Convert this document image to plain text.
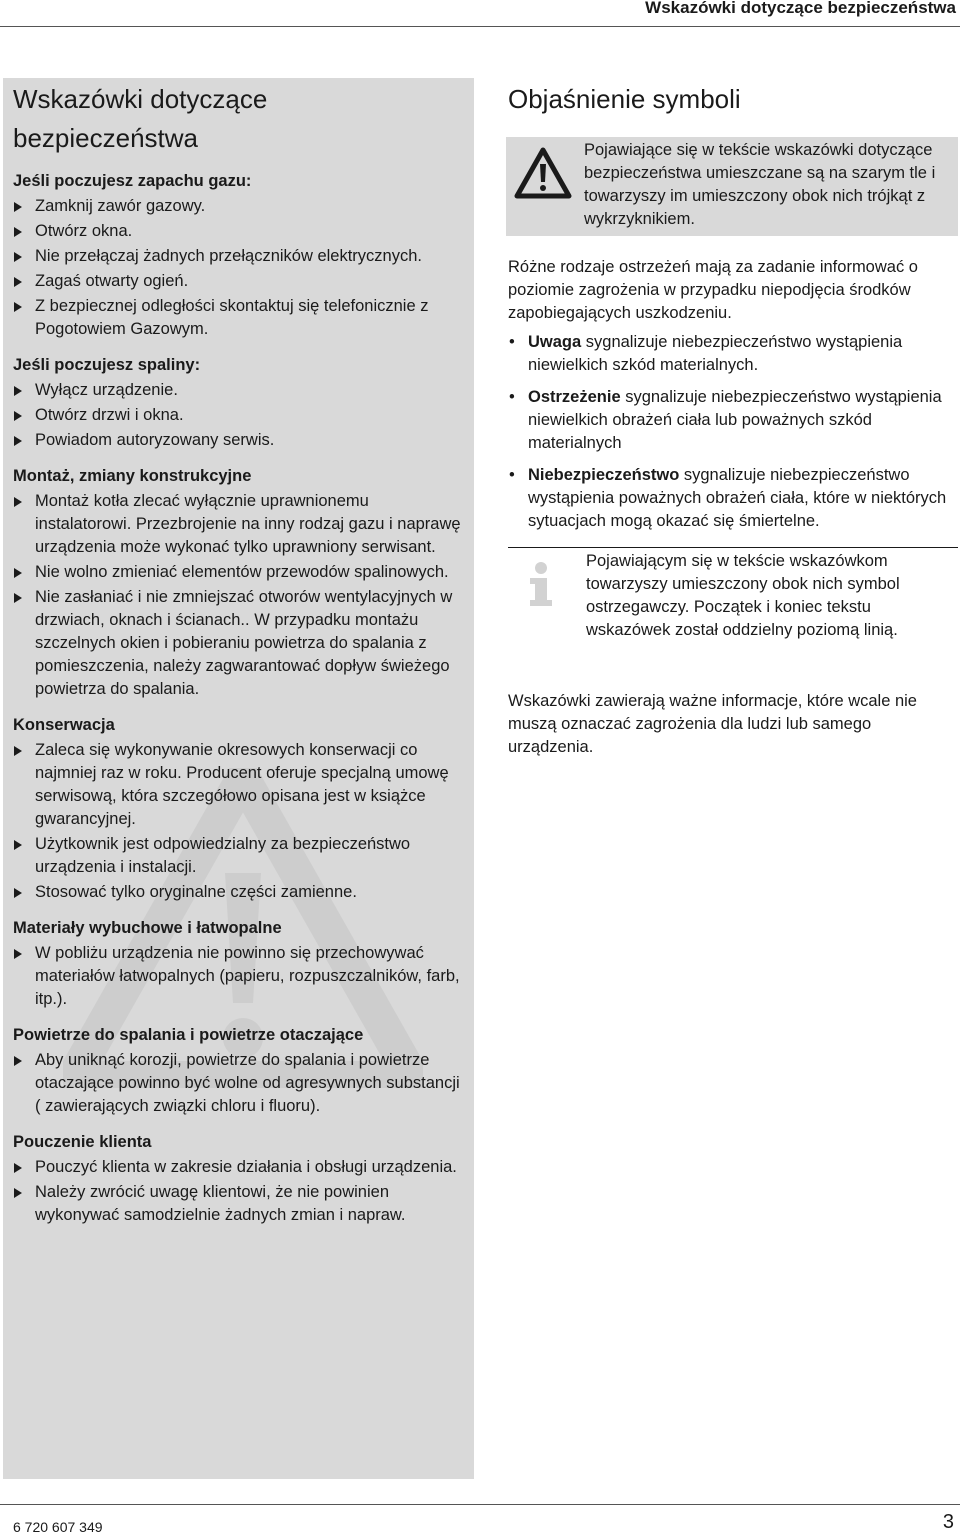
Wskazówki dotyczące bezpieczeństwa
Wskazówki dotyczące
bezpieczeństwa
Jeśli poczujesz zapachu gazu:
Zamknij zawór gazowy.
Otwórz okna.
Nie przełączaj żadnych przełączników elektrycznych.
Zagaś otwarty ogień.
Z bezpiecznej odległości skontaktuj się telefonicznie z Pogotowiem Gazowym.
Jeśli poczujesz spaliny:
Wyłącz urządzenie.
Otwórz drzwi i okna.
Powiadom autoryzowany serwis.
Montaż, zmiany konstrukcyjne
Montaż kotła zlecać wyłącznie uprawnionemu instalatorowi. Przezbrojenie na inny rodzaj gazu i naprawę urządzenia może wykonać tylko uprawniony serwisant.
Nie wolno zmieniać elementów przewodów spalinowych.
Nie zasłaniać i nie zmniejszać otworów wentylacyjnych w drzwiach, oknach i ścianach.. W przypadku montażu szczelnych okien i pobieraniu powietrza do spalania z pomieszczenia, należy zagwarantować dopływ świeżego powietrza do spalania.
Konserwacja
Zaleca się wykonywanie okresowych konserwacji co najmniej raz w roku. Producent oferuje specjalną umowę serwisową, która szczegółowo opisana jest w książce gwarancyjnej.
Użytkownik jest odpowiedzialny za bezpieczeństwo urządzenia i instalacji.
Stosować tylko oryginalne części zamienne.
Materiały wybuchowe i łatwopalne
W pobliżu urządzenia nie powinno się przechowywać materiałów łatwopalnych (papieru, rozpuszczalników, farb, itp.).
Powietrze do spalania i powietrze otaczające
Aby uniknąć korozji, powietrze do spalania i powietrze otaczające powinno być wolne od agresywnych substancji ( zawierających związki chloru i fluoru).
Pouczenie klienta
Pouczyć klienta w zakresie działania i obsługi urządzenia.
Należy zwrócić uwagę klientowi, że nie powinien wykonywać samodzielnie żadnych zmian i napraw.
Objaśnienie symboli
Pojawiające się w tekście wskazówki dotyczące bezpieczeństwa umieszczane są na szarym tle i towarzyszy im umieszczony obok nich trójkąt z wykrzyknikiem.

Różne rodzaje ostrzeżeń mają za zadanie informować o poziomie zagrożenia w przypadku niepodjęcia środków zapobiegających uszkodzeniu.

• Uwaga sygnalizuje niebezpieczeństwo wystąpienia niewielkich szkód materialnych.
• Ostrzeżenie sygnalizuje niebezpieczeństwo wystąpienia niewielkich obrażeń ciała lub poważnych szkód materialnych
• Niebezpieczeństwo sygnalizuje niebezpieczeństwo wystąpienia poważnych obrażeń ciała, które w niektórych sytuacjach mogą okazać się śmiertelne.
Pojawiającym się w tekście wskazówkom towarzyszy umieszczony obok nich symbol ostrzegawczy. Początek i koniec tekstu wskazówek został oddzielny poziomą linią.

Wskazówki zawierają ważne informacje, które wcale nie muszą oznaczać zagrożenia dla ludzi lub samego urządzenia.

6 720 607 349	3
